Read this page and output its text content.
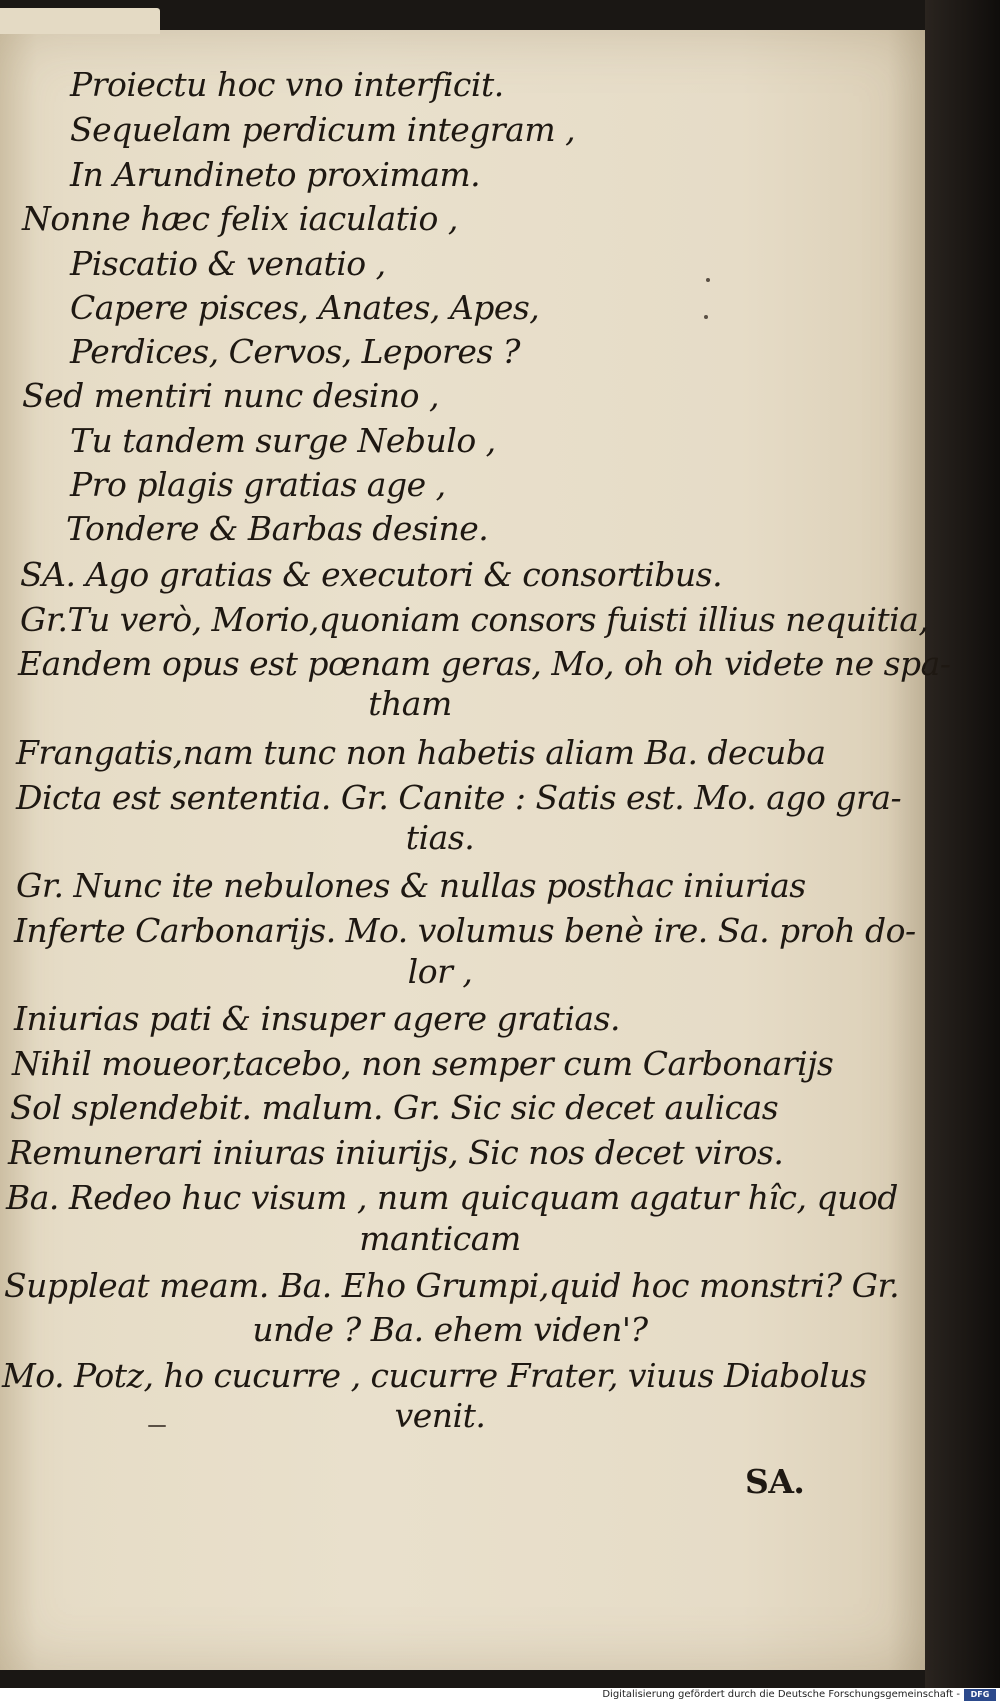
Proiectu hoc vno interficit.
Sequelam perdicum integram ,
In Arundineto proximam.
Nonne hæc felix iaculatio ,
Piscatio & venatio ,
Capere pisces, Anates, Apes,
Perdices, Cervos, Lepores ?
Sed mentiri nunc desino ,
Tu tandem surge Nebulo ,
Pro plagis gratias age ,
Tondere & Barbas desine.
SA. Ago gratias & executori & consortibus.
Gr.Tu verò, Morio,quoniam consors fuisti illius nequitia,
Eandem opus est pœnam geras, Mo, oh oh videte ne spa-
tham
Frangatis,nam tunc non habetis aliam Ba. decuba
Dicta est sententia. Gr. Canite : Satis est. Mo. ago gra-
tias.
Gr. Nunc ite nebulones & nullas posthac iniurias
Inferte Carbonarijs. Mo. volumus benè ire. Sa. proh do-
lor ,
Iniurias pati & insuper agere gratias.
Nihil moueor,tacebo, non semper cum Carbonarijs
Sol splendebit. malum. Gr. Sic sic decet aulicas
Remunerari iniuras iniurijs, Sic nos decet viros.
Ba. Redeo huc visum , num quicquam agatur hîc, quod
manticam
Suppleat meam. Ba. Eho Grumpi,quid hoc monstri? Gr.
unde ? Ba. ehem viden'?
Mo. Potz, ho cucurre , cucurre Frater, viuus Diabolus
venit.
SA.
Digitalisierung gefördert durch die Deutsche Forschungsgemeinschaft -	DFG
